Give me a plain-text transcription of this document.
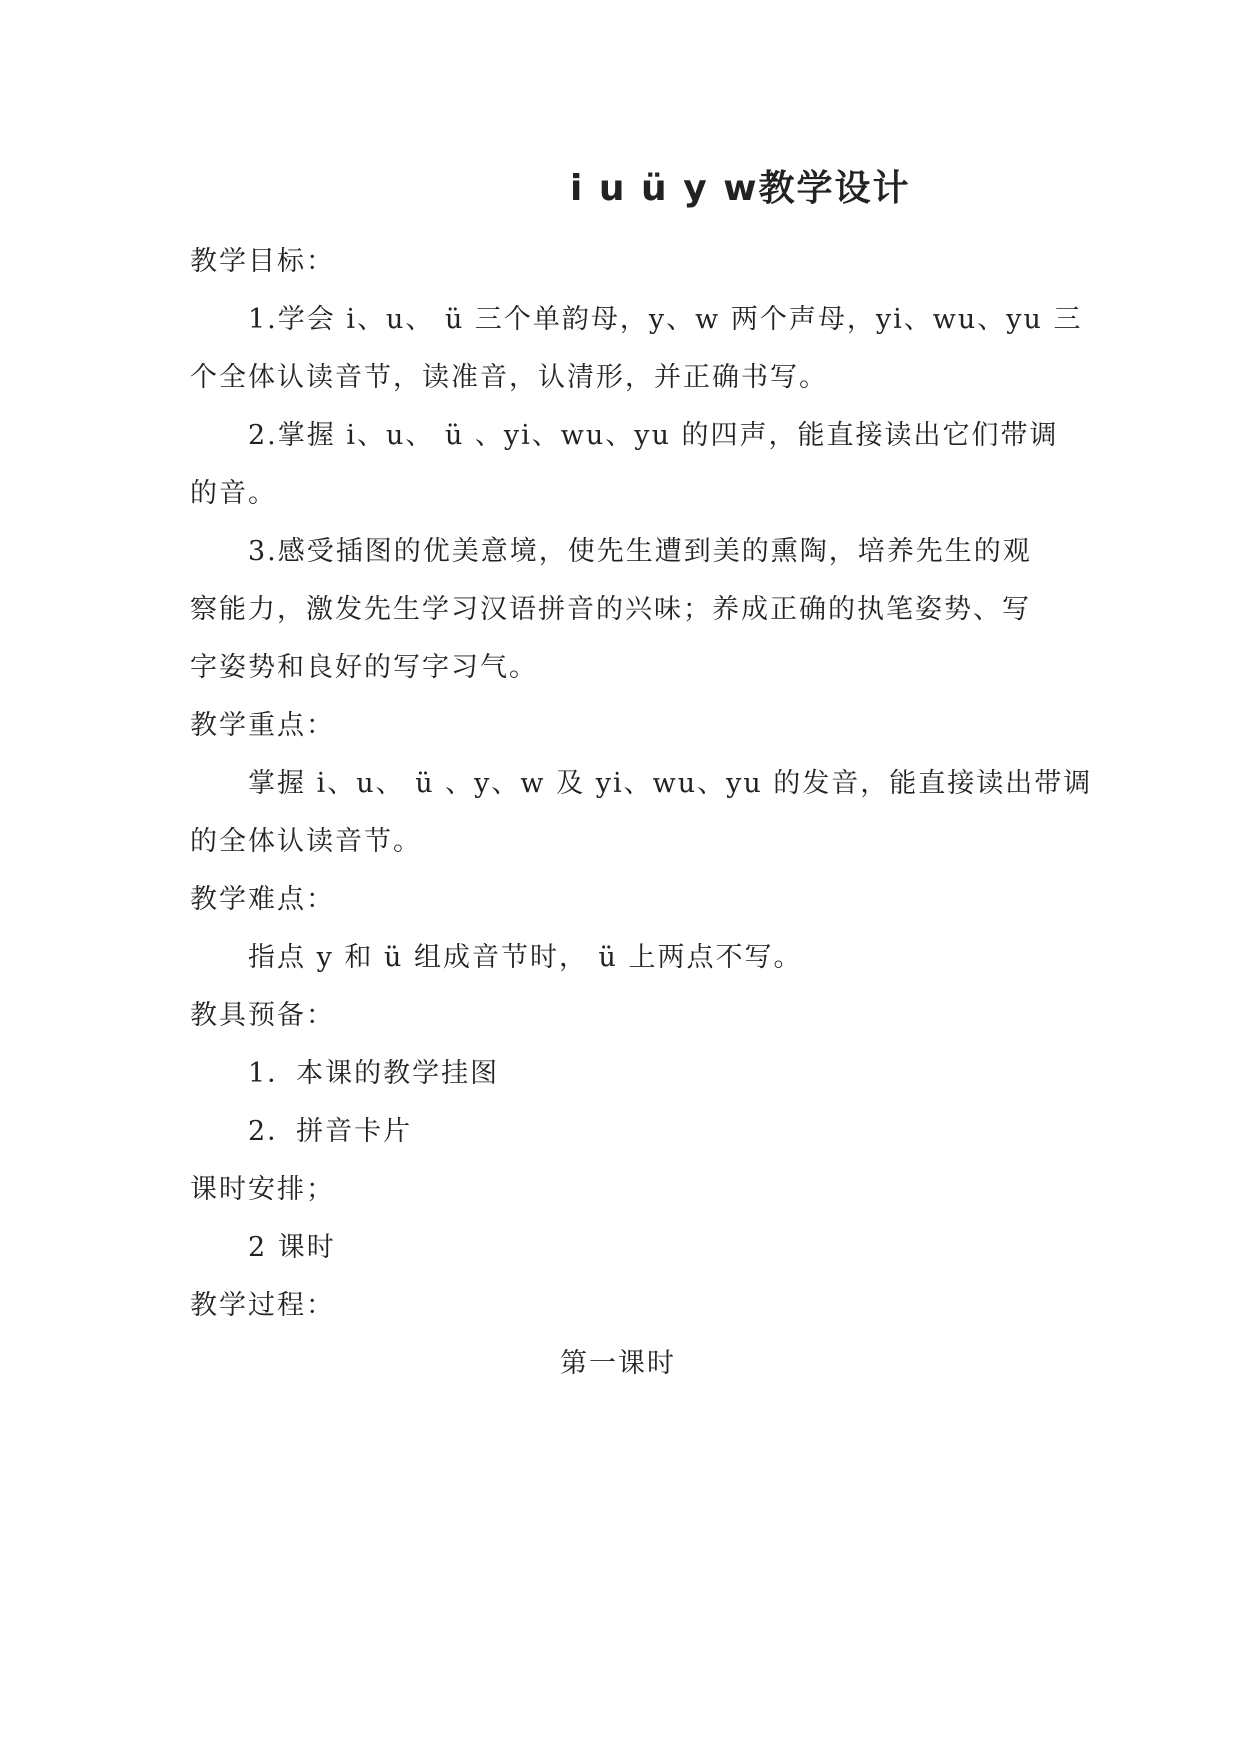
i u ü y w教学设计

教学目标：

1.学会 i、u、 ü 三个单韵母，y、w 两个声母，yi、wu、yu 三

个全体认读音节，读准音，认清形，并正确书写。

2.掌握 i、u、 ü 、yi、wu、yu 的四声，能直接读出它们带调

的音。

3.感受插图的优美意境，使先生遭到美的熏陶，培养先生的观

察能力，激发先生学习汉语拼音的兴味；养成正确的执笔姿势、写

字姿势和良好的写字习气。

教学重点：

掌握 i、u、 ü 、y、w 及 yi、wu、yu 的发音，能直接读出带调

的全体认读音节。

教学难点：

指点 y 和 ü 组成音节时， ü 上两点不写。

教具预备：

1．本课的教学挂图

2．拼音卡片

课时安排；

2 课时

教学过程：

第一课时
